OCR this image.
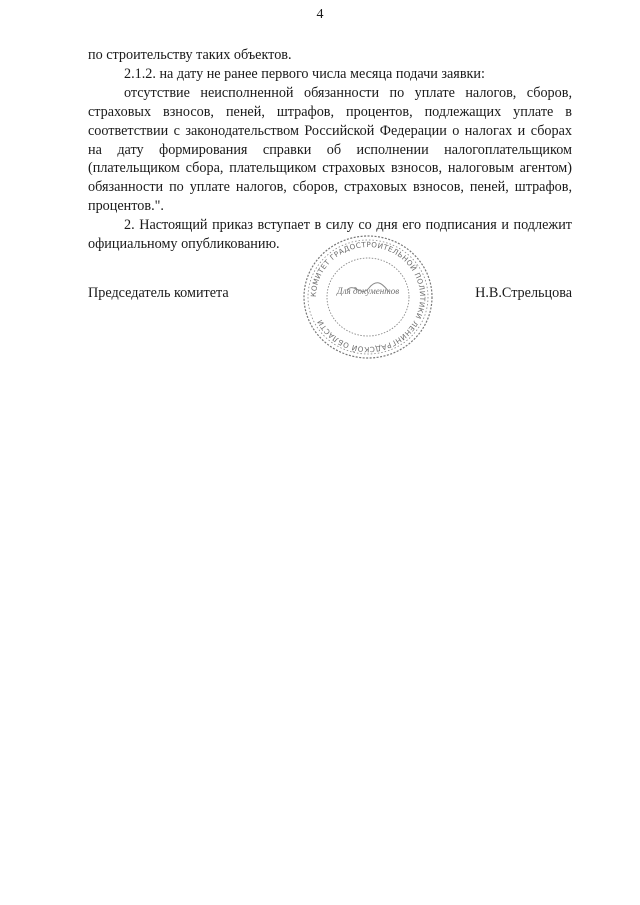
4

по строительству таких объектов.

2.1.2. на дату не ранее первого числа месяца подачи заявки:

отсутствие неисполненной обязанности по уплате налогов, сборов, страховых взносов, пеней, штрафов, процентов, подлежащих уплате в соответствии с законодательством Российской Федерации о налогах и сборах на дату формирования справки об исполнении налогоплательщиком (плательщиком сбора, плательщиком страховых взносов, налоговым агентом) обязанности по уплате налогов, сборов, страховых взносов, пеней, штрафов, процентов.".

2. Настоящий приказ вступает в силу со дня его подписания и подлежит официальному опубликованию.

КОМИТЕТ ГРАДОСТРОИТЕЛЬНОЙ ПОЛИТИКИ ЛЕНИНГРАДСКОЙ ОБЛАСТИ
Для документов
Председатель комитета	Н.В.Стрельцова
